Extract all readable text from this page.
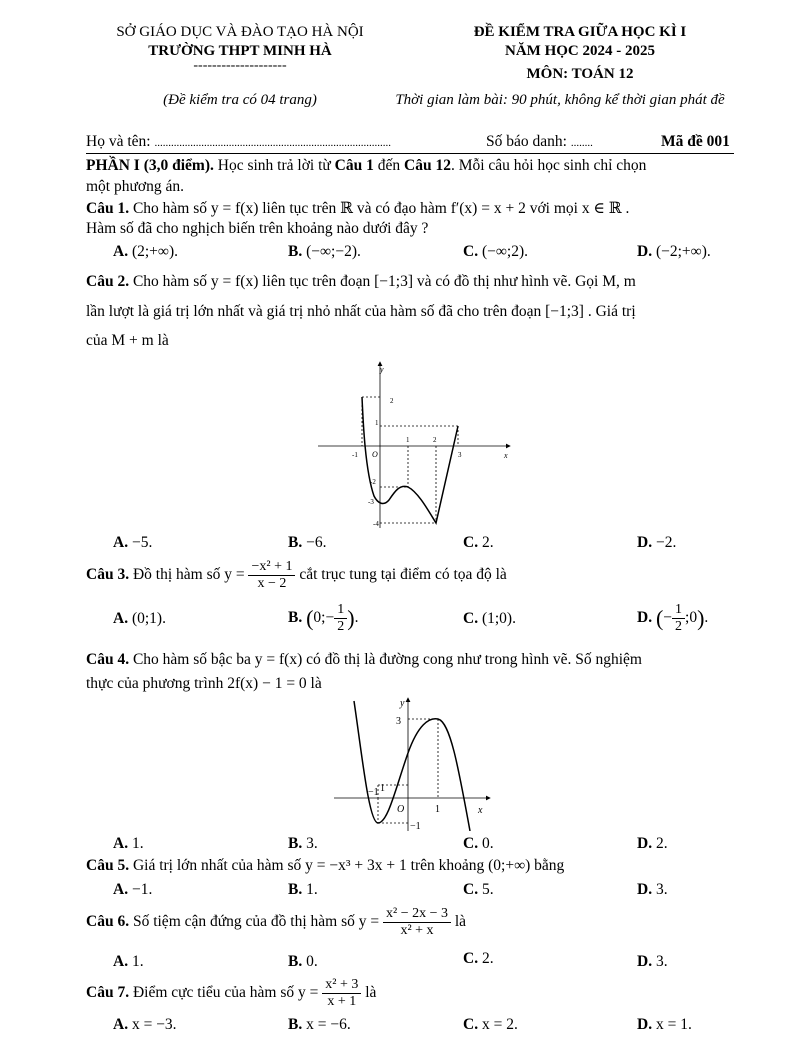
SỞ GIÁO DỤC VÀ ĐÀO TẠO HÀ NỘI
TRƯỜNG THPT MINH HÀ
--------------------
(Đề kiểm tra có 04 trang)
ĐỀ KIỂM TRA GIỮA HỌC KÌ I
NĂM HỌC 2024 - 2025
MÔN: TOÁN 12
Thời gian làm bài: 90 phút, không kể thời gian phát đề
Họ và tên: ......................................................................................	Số báo danh: ........	Mã đề 001
PHẦN I (3,0 điểm). Học sinh trả lời từ Câu 1 đến Câu 12. Mỗi câu hỏi học sinh chỉ chọn
một phương án.
Câu 1. Cho hàm số y = f(x) liên tục trên ℝ và có đạo hàm f′(x) = x + 2 với mọi x ∈ ℝ .
Hàm số đã cho nghịch biến trên khoảng nào dưới đây ?
A. (2;+∞).	B. (−∞;−2).	C. (−∞;2).	D. (−2;+∞).
Câu 2. Cho hàm số y = f(x) liên tục trên đoạn [−1;3] và có đồ thị như hình vẽ. Gọi M, m
lần lượt là giá trị lớn nhất và giá trị nhỏ nhất của hàm số đã cho trên đoạn [−1;3] . Giá trị
của M + m là
y
x
O
-1
1	2
3
2
1
-2
-3
-4
A. −5.	B. −6.	C. 2.	D. −2.
Câu 3. Đồ thị hàm số $y = \frac{\text{−x² + 1}}{x - 2}$ cắt trục tung tại điểm có tọa độ là
A. (0;1).	B. (0;− $\frac{1}{2}$ ).	C. (1;0).	D. (− $\frac{1}{2}$ ;0).
Câu 4. Cho hàm số bậc ba y = f(x) có đồ thị là đường cong như trong hình vẽ. Số nghiệm
thực của phương trình 2f(x) − 1 = 0 là
y
x
O
3
1
−1
1
−1
A. 1.	B. 3.	C. 0.	D. 2.
Câu 5. Giá trị lớn nhất của hàm số y = −x³ + 3x + 1 trên khoảng (0;+∞) bằng
A. −1.	B. 1.	C. 5.	D. 3.
Câu 6. Số tiệm cận đứng của đồ thị hàm số $y = \frac{\text{x² − 2x − 3}}{\text{x² + x}}$ là
A. 1.	B. 0.	C. 2.	D. 3.
Câu 7. Điểm cực tiểu của hàm số $y = \frac{\text{x² + 3}}{x + 1}$ là
A. x = −3.	B. x = −6.	C. x = 2.	D. x = 1.
